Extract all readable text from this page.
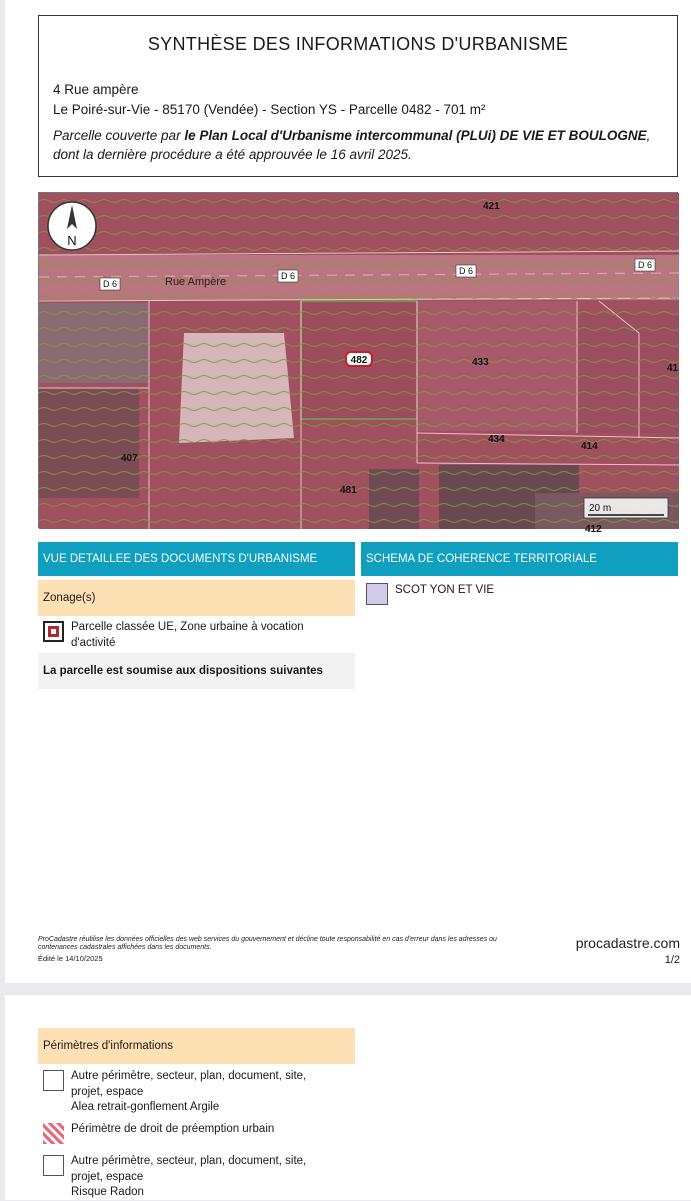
SYNTHÈSE DES INFORMATIONS D'URBANISME
4 Rue ampère
Le Poiré-sur-Vie - 85170 (Vendée) - Section YS - Parcelle 0482 - 701 m²
Parcelle couverte par le Plan Local d'Urbanisme intercommunal (PLUi) DE VIE ET BOULOGNE, dont la dernière procédure a été approuvée le 16 avril 2025.
N
D 6
D 6	D 6
D 6
Rue Ampère
421
482	433
41
434
414
407
481
412
20 m
VUE DETAILLEE DES DOCUMENTS D'URBANISME
Zonage(s)
Parcelle classée UE, Zone urbaine à vocation d'activité
La parcelle est soumise aux dispositions suivantes
SCHEMA DE COHERENCE TERRITORIALE
SCOT YON ET VIE
ProCadastre réutilise les données officielles des web services du gouvernement et décline toute responsabilité en cas d'erreur dans les adresses ou contenances cadastrales affichées dans les documents.
Édité le 14/10/2025
procadastre.com
1/2
Périmètres d'informations
Autre périmètre, secteur, plan, document, site, projet, espace
Alea retrait-gonflement Argile
Périmètre de droit de préemption urbain
Autre périmètre, secteur, plan, document, site, projet, espace
Risque Radon
